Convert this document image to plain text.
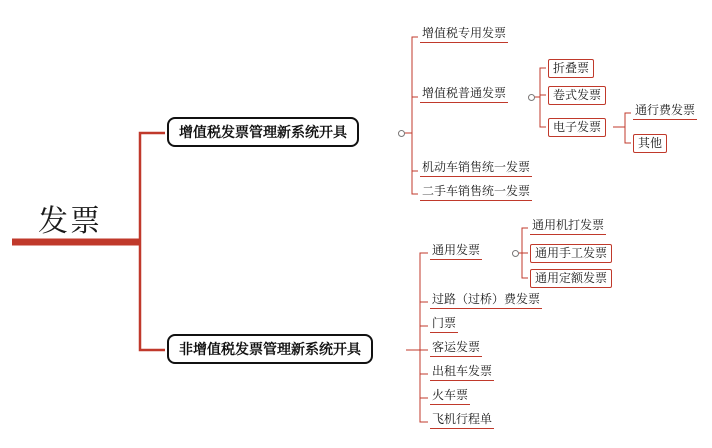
发票
增值税发票管理新系统开具
增值税专用发票
增值税普通发票
机动车销售统一发票
二手车销售统一发票
折叠票
卷式发票
电子发票
通行费发票
其他
非增值税发票管理新系统开具
通用发票
过路（过桥）费发票
门票
客运发票
出租车发票
火车票
飞机行程单
通用机打发票
通用手工发票
通用定额发票
